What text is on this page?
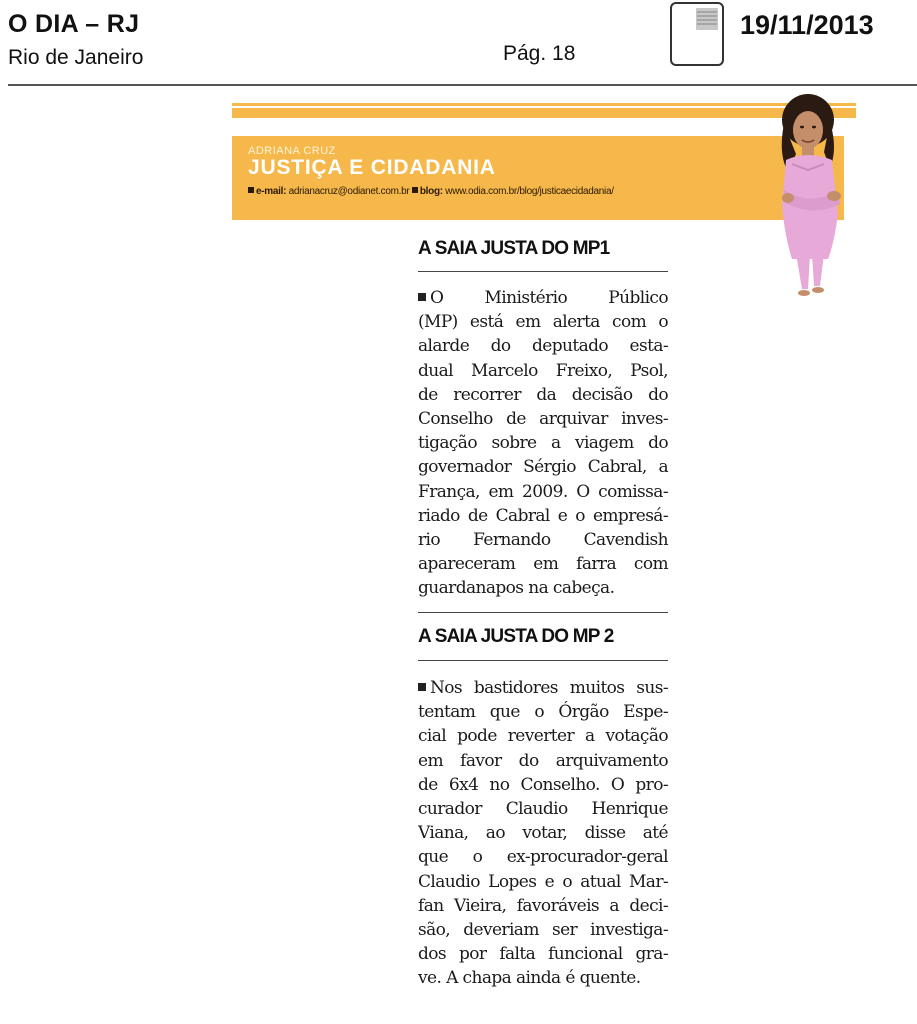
O DIA – RJ
Rio de Janeiro	Pág. 18
19/11/2013
ADRIANA CRUZ
JUSTIÇA E CIDADANIA
e-mail: adrianacruz@odianet.com.br blog: www.odia.com.br/blog/justicaecidadania/
A SAIA JUSTA DO MP1
O Ministério Público
(MP) está em alerta com o
alarde do deputado esta-
dual Marcelo Freixo, Psol,
de recorrer da decisão do
Conselho de arquivar inves-
tigação sobre a viagem do
governador Sérgio Cabral, a
França, em 2009. O comissa-
riado de Cabral e o empresá-
rio Fernando Cavendish
apareceram em farra com
guardanapos na cabeça.
A SAIA JUSTA DO MP 2
Nos bastidores muitos sus-
tentam que o Órgão Espe-
cial pode reverter a votação
em favor do arquivamento
de 6x4 no Conselho. O pro-
curador Claudio Henrique
Viana, ao votar, disse até
que o ex-procurador-geral
Claudio Lopes e o atual Mar-
fan Vieira, favoráveis a deci-
são, deveriam ser investiga-
dos por falta funcional gra-
ve. A chapa ainda é quente.
